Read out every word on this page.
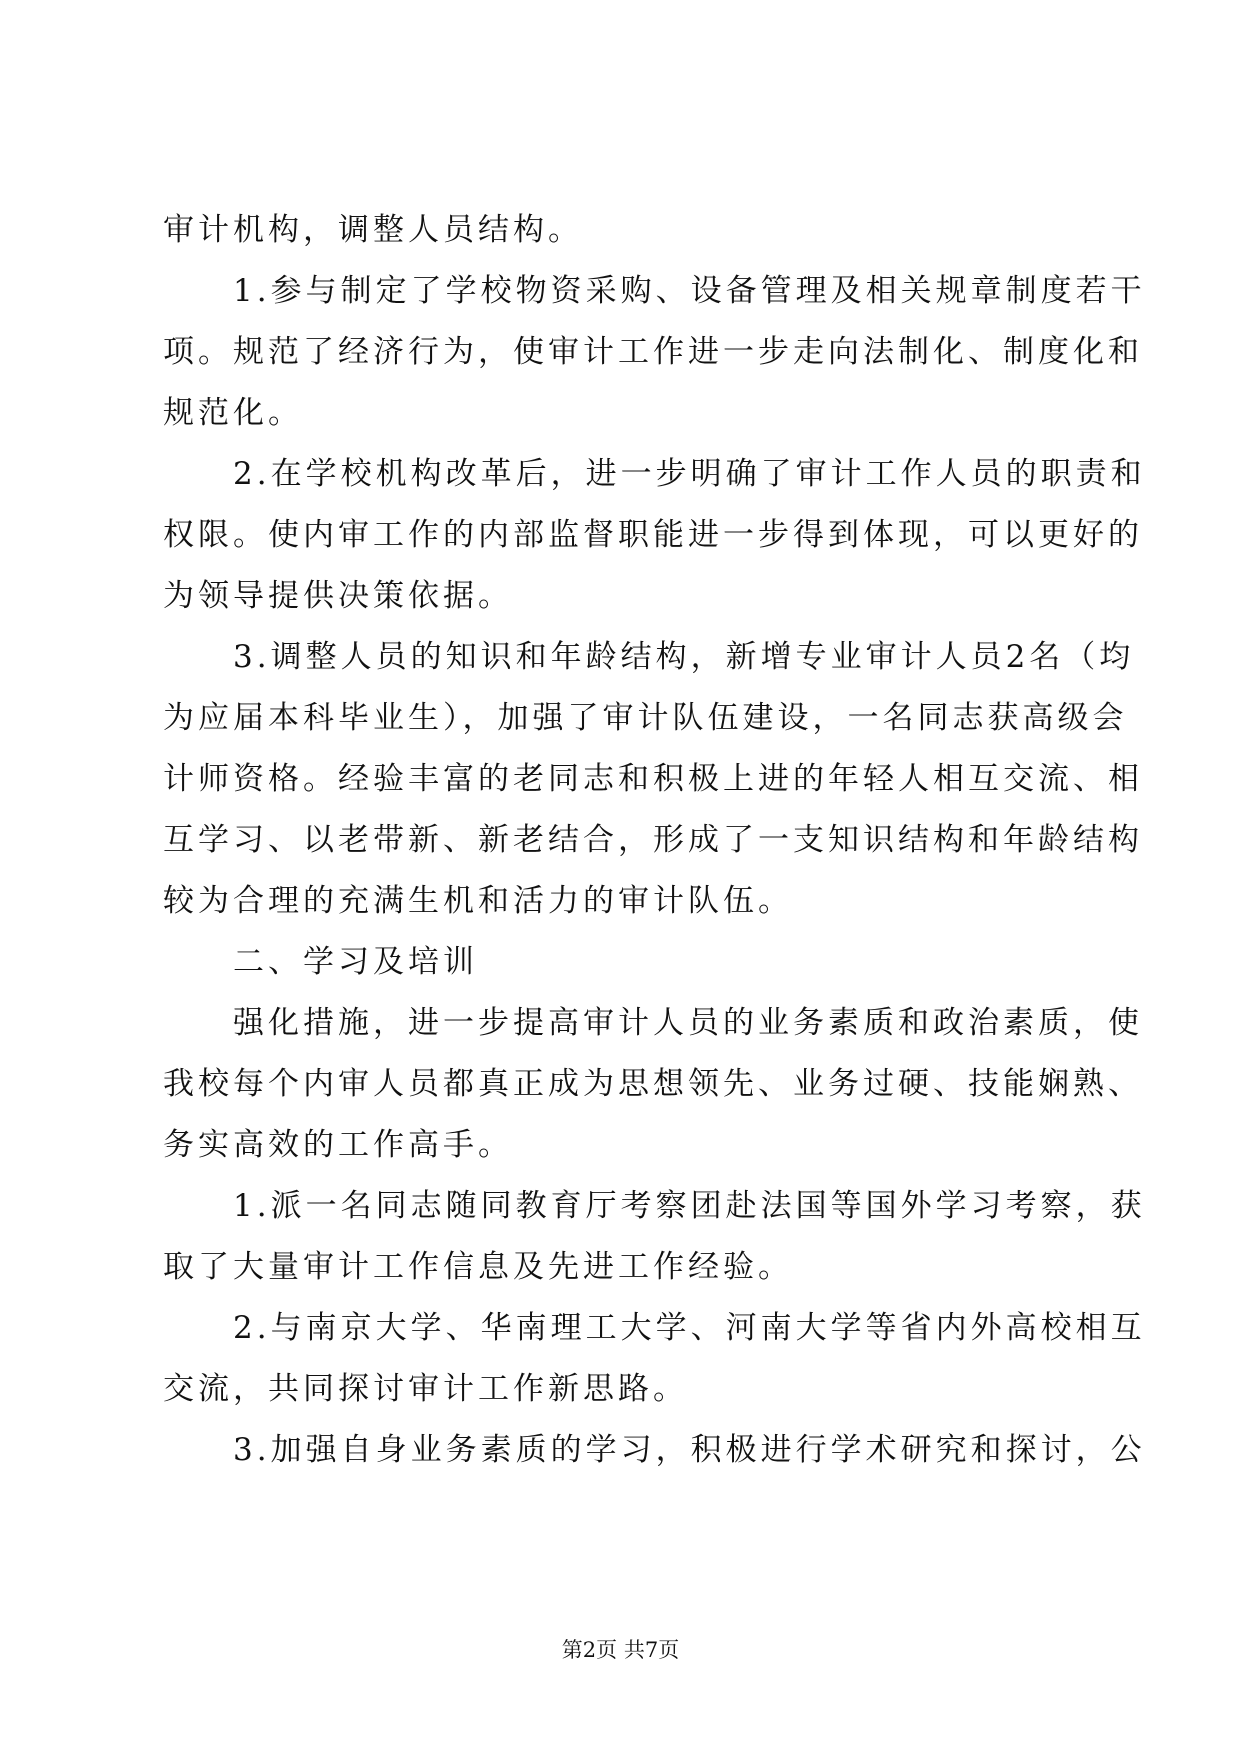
审计机构，调整人员结构。
1.参与制定了学校物资采购、设备管理及相关规章制度若干
项。规范了经济行为，使审计工作进一步走向法制化、制度化和
规范化。
2.在学校机构改革后，进一步明确了审计工作人员的职责和
权限。使内审工作的内部监督职能进一步得到体现，可以更好的
为领导提供决策依据。
3.调整人员的知识和年龄结构，新增专业审计人员2名（均
为应届本科毕业生），加强了审计队伍建设，一名同志获高级会
计师资格。经验丰富的老同志和积极上进的年轻人相互交流、相
互学习、以老带新、新老结合，形成了一支知识结构和年龄结构
较为合理的充满生机和活力的审计队伍。
二、学习及培训
强化措施，进一步提高审计人员的业务素质和政治素质，使
我校每个内审人员都真正成为思想领先、业务过硬、技能娴熟、
务实高效的工作高手。
1.派一名同志随同教育厅考察团赴法国等国外学习考察，获
取了大量审计工作信息及先进工作经验。
2.与南京大学、华南理工大学、河南大学等省内外高校相互
交流，共同探讨审计工作新思路。
3.加强自身业务素质的学习，积极进行学术研究和探讨，公
第2页 共7页
